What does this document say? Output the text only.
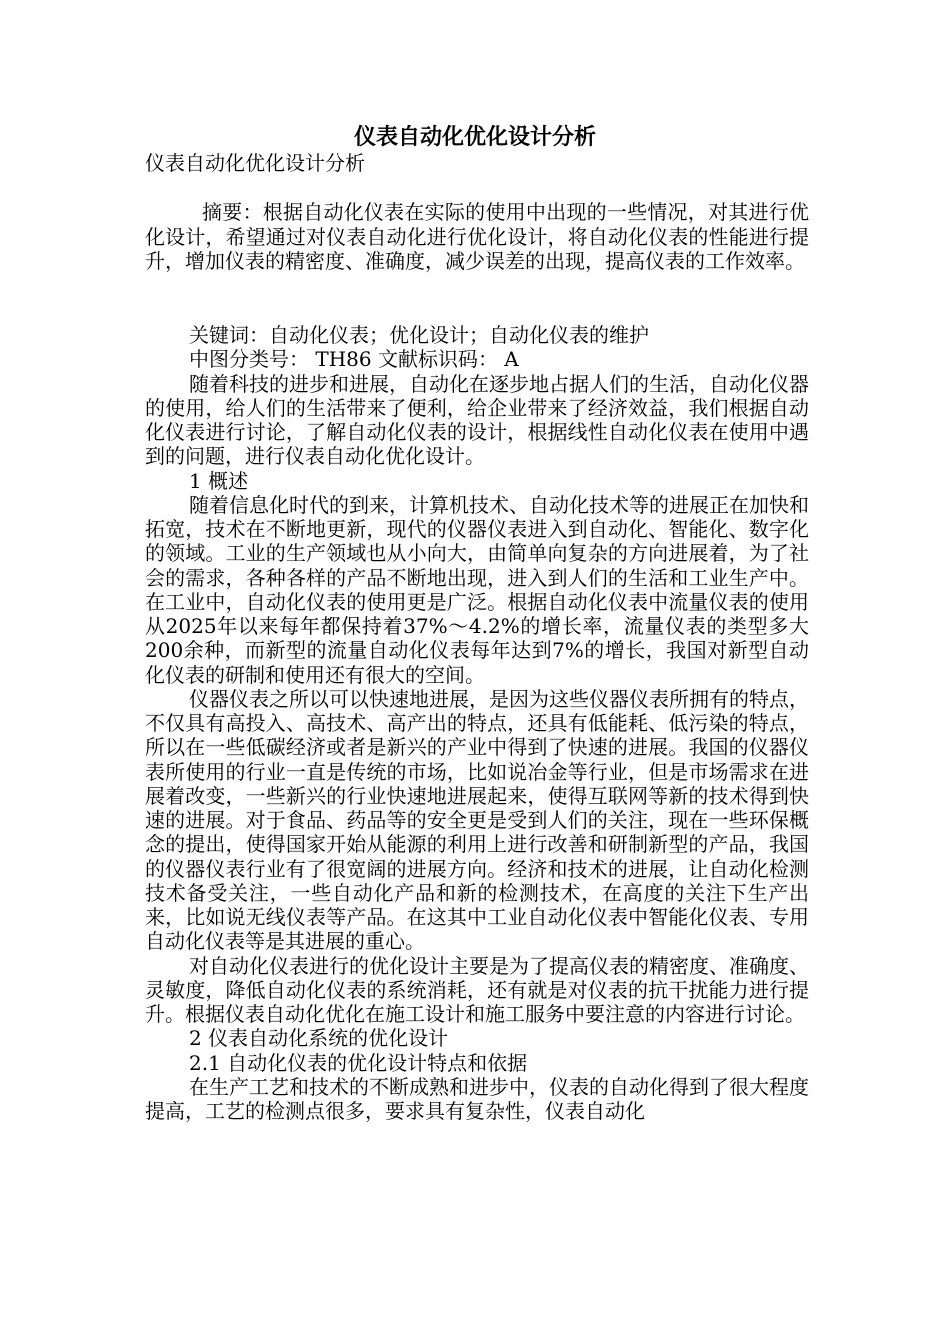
仪表自动化优化设计分析
仪表自动化优化设计分析

摘要：根据自动化仪表在实际的使用中出现的一些情况，对其进行优化设计，希望通过对仪表自动化进行优化设计，将自动化仪表的性能进行提升，增加仪表的精密度、准确度，减少误差的出现，提高仪表的工作效率。

关键词：自动化仪表；优化设计；自动化仪表的维护

中图分类号： TH86 文献标识码： A

随着科技的进步和进展，自动化在逐步地占据人们的生活，自动化仪器的使用，给人们的生活带来了便利，给企业带来了经济效益，我们根据自动化仪表进行讨论，了解自动化仪表的设计，根据线性自动化仪表在使用中遇到的问题，进行仪表自动化优化设计。

1 概述

随着信息化时代的到来，计算机技术、自动化技术等的进展正在加快和拓宽，技术在不断地更新，现代的仪器仪表进入到自动化、智能化、数字化的领域。工业的生产领域也从小向大，由简单向复杂的方向进展着，为了社会的需求，各种各样的产品不断地出现，进入到人们的生活和工业生产中。在工业中，自动化仪表的使用更是广泛。根据自动化仪表中流量仪表的使用从2025年以来每年都保持着37%～4.2%的增长率，流量仪表的类型多大200余种，而新型的流量自动化仪表每年达到7%的增长，我国对新型自动化仪表的研制和使用还有很大的空间。

仪器仪表之所以可以快速地进展，是因为这些仪器仪表所拥有的特点，不仅具有高投入、高技术、高产出的特点，还具有低能耗、低污染的特点，所以在一些低碳经济或者是新兴的产业中得到了快速的进展。我国的仪器仪表所使用的行业一直是传统的市场，比如说冶金等行业，但是市场需求在进展着改变，一些新兴的行业快速地进展起来，使得互联网等新的技术得到快速的进展。对于食品、药品等的安全更是受到人们的关注，现在一些环保概念的提出，使得国家开始从能源的利用上进行改善和研制新型的产品，我国的仪器仪表行业有了很宽阔的进展方向。经济和技术的进展，让自动化检测技术备受关注，一些自动化产品和新的检测技术，在高度的关注下生产出来，比如说无线仪表等产品。在这其中工业自动化仪表中智能化仪表、专用自动化仪表等是其进展的重心。

对自动化仪表进行的优化设计主要是为了提高仪表的精密度、准确度、灵敏度，降低自动化仪表的系统消耗，还有就是对仪表的抗干扰能力进行提升。根据仪表自动化优化在施工设计和施工服务中要注意的内容进行讨论。

2 仪表自动化系统的优化设计

2.1 自动化仪表的优化设计特点和依据

在生产工艺和技术的不断成熟和进步中，仪表的自动化得到了很大程度提高，工艺的检测点很多，要求具有复杂性，仪表自动化
